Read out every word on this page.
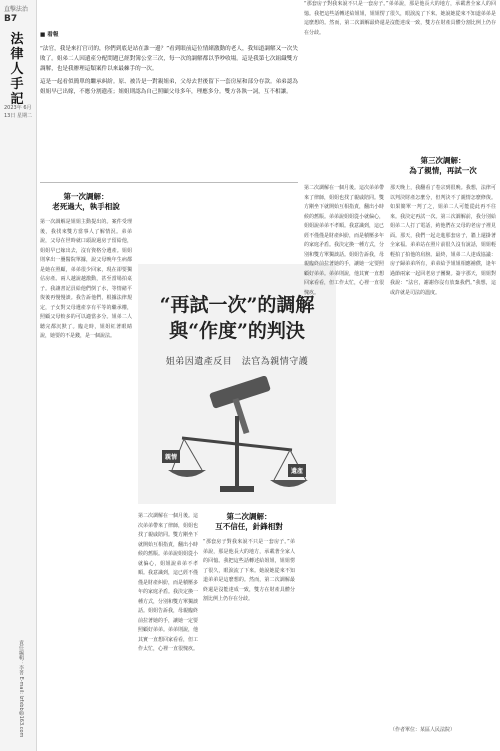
直擊法治
B7
法律人手記
2023年 6月13日 星期二
責任編輯：李菁 E-mail: lzfxbb@163.com
■ 看報
“法官，我是來打官司的，你們到底是站在誰一邊？”看到眼前這位情緒激動的老人，我知道調解又一次失敗了。姐弟二人因遺產分配問題已經對簿公堂三次，每一次的調解都以爭吵收場。這是我第七次組織雙方調解，也是我辦理這類案件以來最棘手的一次。
這是一起看似簡單的繼承糾紛。原、被告是一對親姐弟，父母去世後留下一套房屋和部分存款。弟弟認為姐姐早已出嫁，不應分割遺產；姐姐則認為自己照顧父母多年，理應多分。雙方各執一詞，互不相讓。
第一次調解：
老死過大，執手相說
第一次調解是姐姐主動提出的。案件受理後，我找來雙方當事人了解情況。弟弟說，父母在世時就口頭說過房子留給他，姐姐早已嫁出去，沒有資格分遺產。姐姐則拿出一疊醫院單據，說父母晚年生病都是她在照顧，弟弟很少回家，現在卻要獨佔房產。兩人越說越激動，甚至當場拍桌子。我讓書記員給他們倒了水，等情緒平復後再慢慢談。我告訴他們，根據法律規定，子女對父母遺產享有平等的繼承權，照顧父母較多的可以適當多分。姐弟二人聽完都沉默了。臨走時，姐姐紅著眼睛說，她要的不是錢，是一個說法。
“再試一次”的調解
與“作度”的判決
姐弟因遺產反目　法官為親情守護
親情
遺產
第二次調解在一個月後。這次弟弟帶來了律師，姐姐也找了親戚陪同。雙方剛坐下就開始互相指責，翻出小時候的舊賬。弟弟說姐姐從小就偏心，姐姐說弟弟不孝順。我意識到，這已經不僅僅是財產糾紛，而是積壓多年的家庭矛盾。我決定換一種方式，分別和雙方單獨談話。姐姐告訴我，母親臨終前拉著她的手，讓她一定要照顧好弟弟。弟弟則說，他其實一直想回家看看，但工作太忙，心裡一直很愧疚。
第二次調解：
互不信任，針鋒相對
“那套房子對我來說不只是一套房子。”弟弟說，那是他長大的地方，承載著全家人的回憶。我把這些話轉述給姐姐，姐姐愣了很久，眼淚流了下來。她說她從來不知道弟弟是這麼想的。然而，第二次調解最終還是沒能達成一致，雙方在財產具體分割比例上仍存在分歧。
“那套房子對我來說不只是一套房子。”弟弟說，那是他長大的地方，承載著全家人的回憶。我把這些話轉述給姐姐，姐姐愣了很久，眼淚流了下來。她說她從來不知道弟弟是這麼想的。然而，第二次調解最終還是沒能達成一致，雙方在財產具體分割比例上仍存在分歧。
第三次調解：
為了親情，再試一次
那天晚上，我翻看了卷宗到很晚。我想，法律可以判決財產怎麼分，但判決不了親情怎麼修復。如果簡單一判了之，姐弟二人可能從此再不往來。我決定再試一次。第三次調解前，我分別給姐弟二人打了電話，約他們在父母的老房子裡見面。那天，我們一起走進那套房子，牆上還掛著全家福。弟弟站在照片前很久沒有說話，姐姐輕輕拍了拍他的肩膀。最終，姐弟二人達成協議：房子歸弟弟所有，弟弟給予姐姐相應補償，逢年過節兩家一起回老房子團聚。簽字那天，姐姐對我說：“法官，謝謝你沒有放棄我們。”我想，這或許就是司法的溫度。
（作者單位：某區人民法院）
第二次調解在一個月後。這次弟弟帶來了律師，姐姐也找了親戚陪同。雙方剛坐下就開始互相指責，翻出小時候的舊賬。弟弟說姐姐從小就偏心，姐姐說弟弟不孝順。我意識到，這已經不僅僅是財產糾紛，而是積壓多年的家庭矛盾。我決定換一種方式，分別和雙方單獨談話。姐姐告訴我，母親臨終前拉著她的手，讓她一定要照顧好弟弟。弟弟則說，他其實一直想回家看看，但工作太忙，心裡一直很愧疚。
